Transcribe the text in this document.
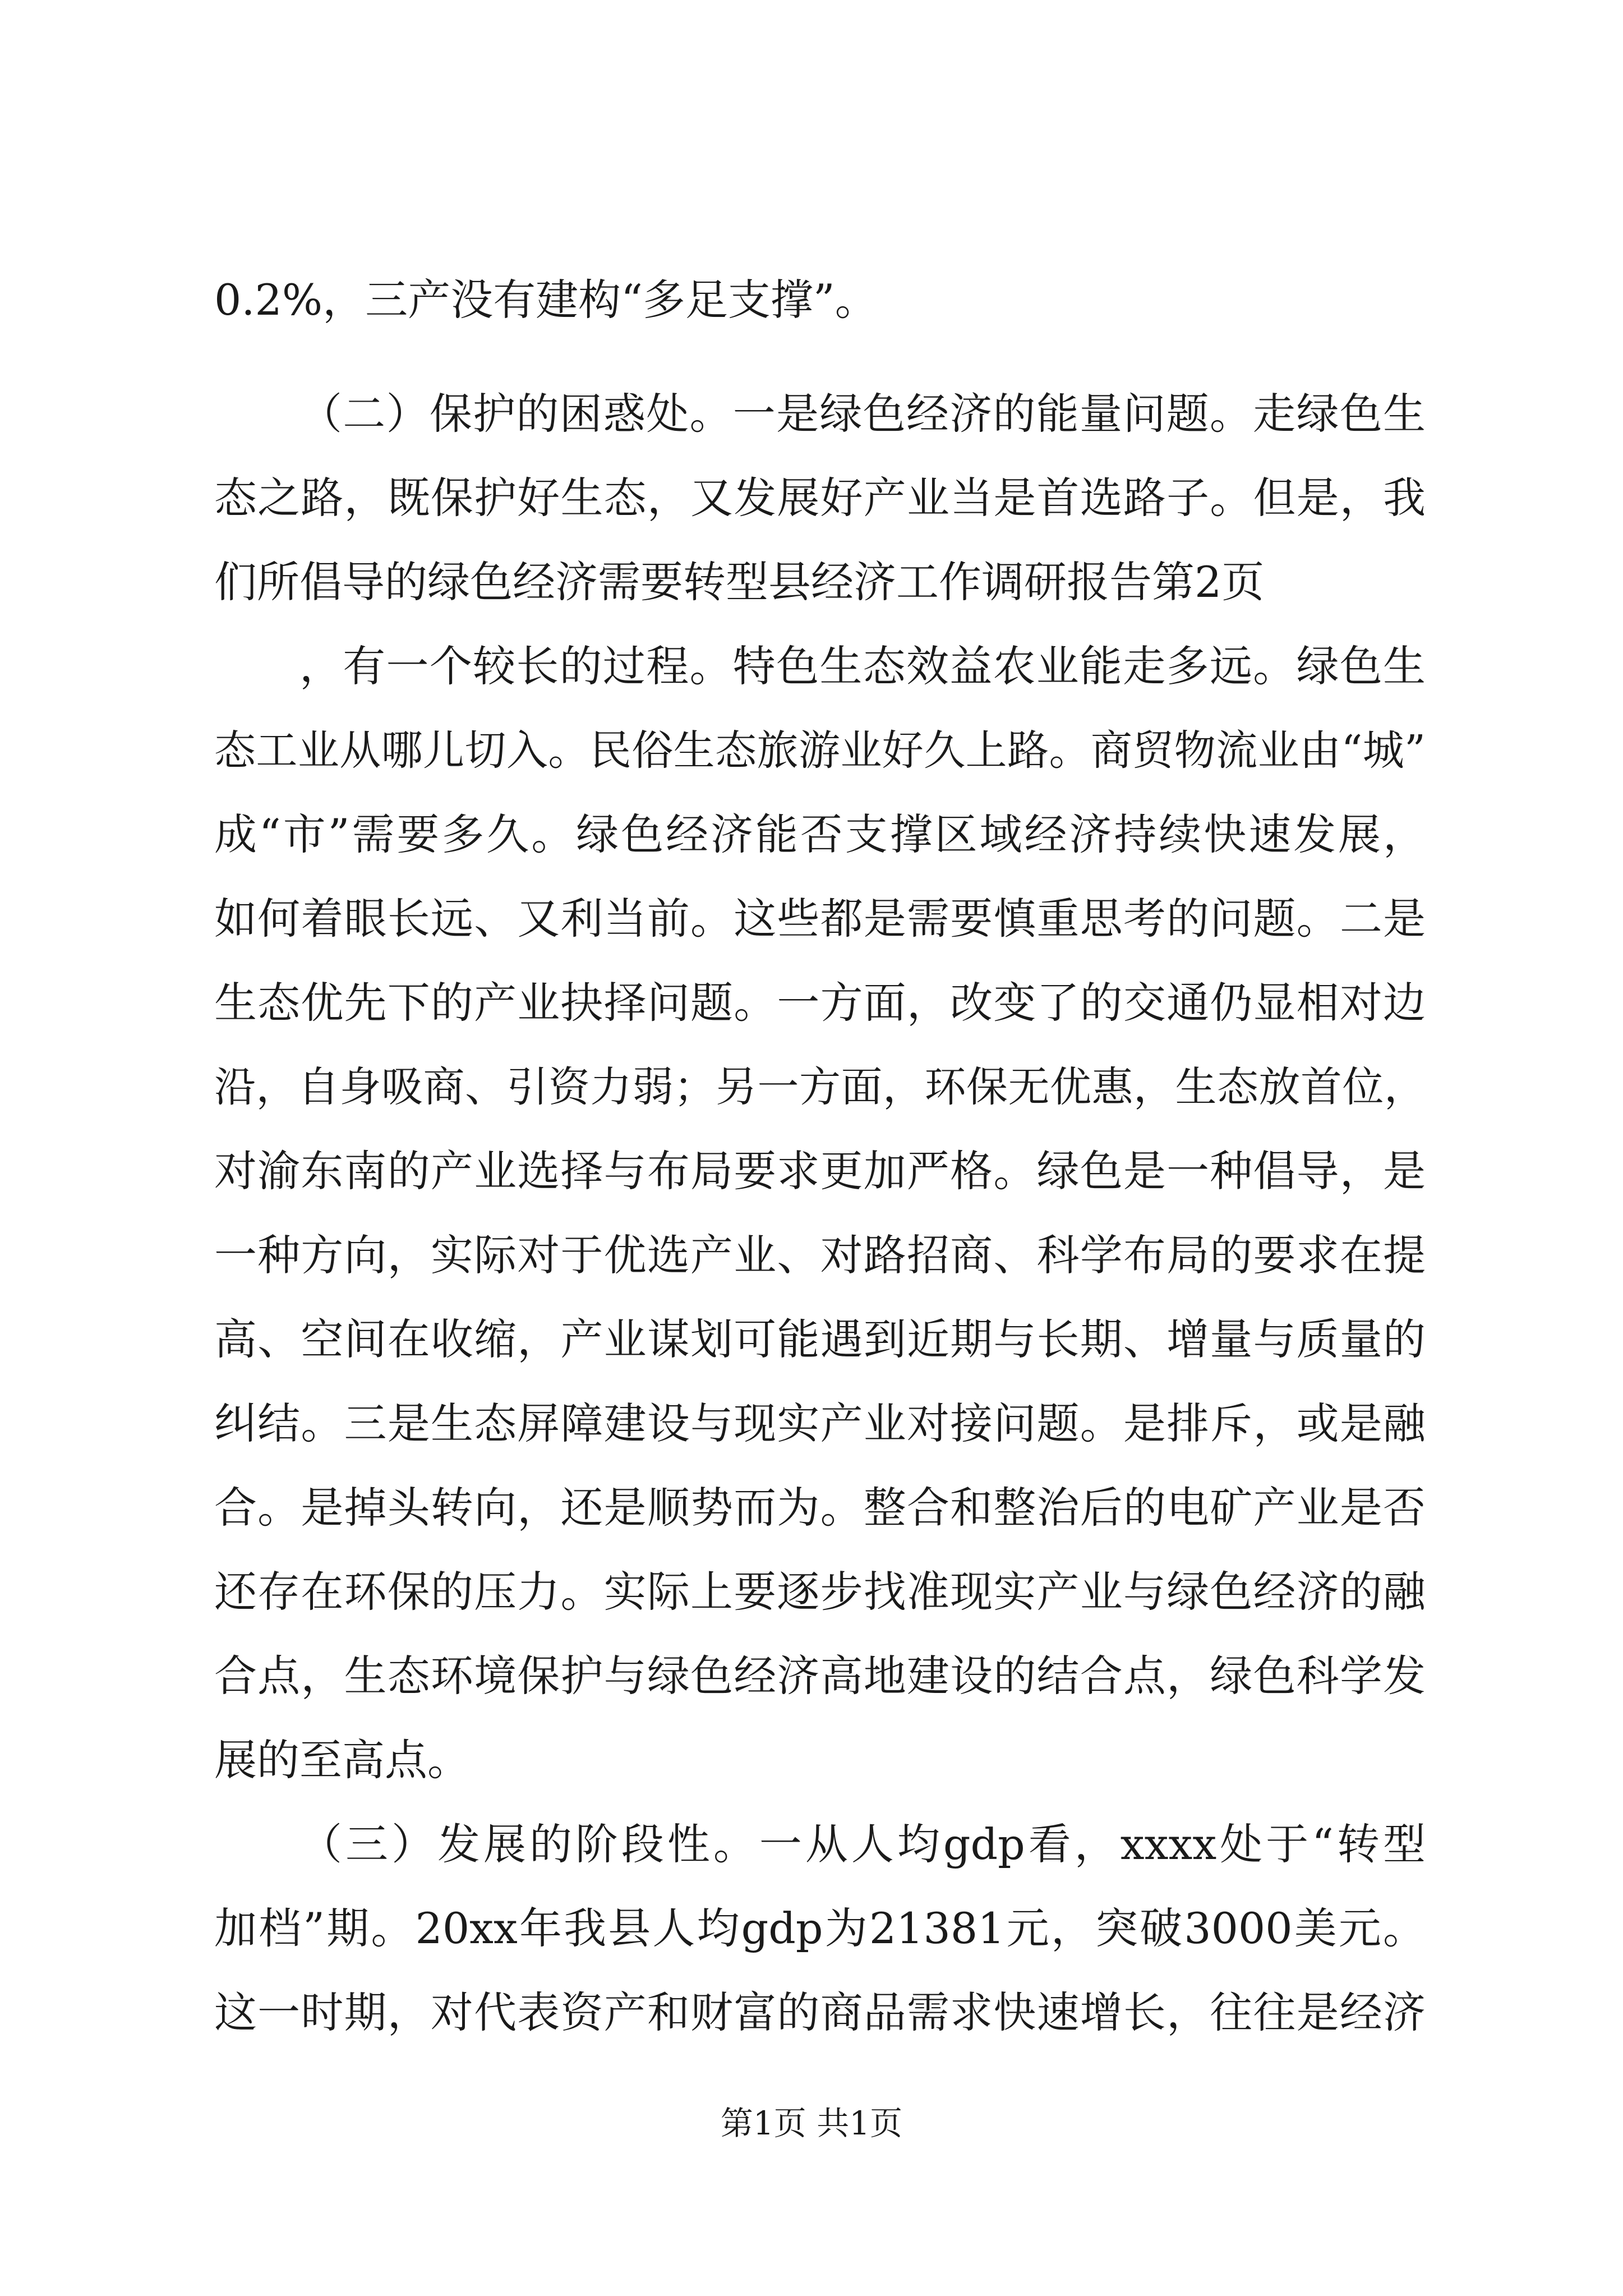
0.2%，三产没有建构“多足支撑”。
（二）保护的困惑处。一是绿色经济的能量问题。走绿色生
态之路，既保护好生态，又发展好产业当是首选路子。但是，我
们所倡导的绿色经济需要转型县经济工作调研报告第2页
，有一个较长的过程。特色生态效益农业能走多远。绿色生
态工业从哪儿切入。民俗生态旅游业好久上路。商贸物流业由“城”
成“市”需要多久。绿色经济能否支撑区域经济持续快速发展，
如何着眼长远、又利当前。这些都是需要慎重思考的问题。二是
生态优先下的产业抉择问题。一方面，改变了的交通仍显相对边
沿，自身吸商、引资力弱；另一方面，环保无优惠，生态放首位，
对渝东南的产业选择与布局要求更加严格。绿色是一种倡导，是
一种方向，实际对于优选产业、对路招商、科学布局的要求在提
高、空间在收缩，产业谋划可能遇到近期与长期、增量与质量的
纠结。三是生态屏障建设与现实产业对接问题。是排斥，或是融
合。是掉头转向，还是顺势而为。整合和整治后的电矿产业是否
还存在环保的压力。实际上要逐步找准现实产业与绿色经济的融
合点，生态环境保护与绿色经济高地建设的结合点，绿色科学发
展的至高点。
（三）发展的阶段性。一从人均gdp看，xxxx处于“转型
加档”期。20xx年我县人均gdp为21381元，突破3000美元。
这一时期，对代表资产和财富的商品需求快速增长，往往是经济
第1页 共1页
